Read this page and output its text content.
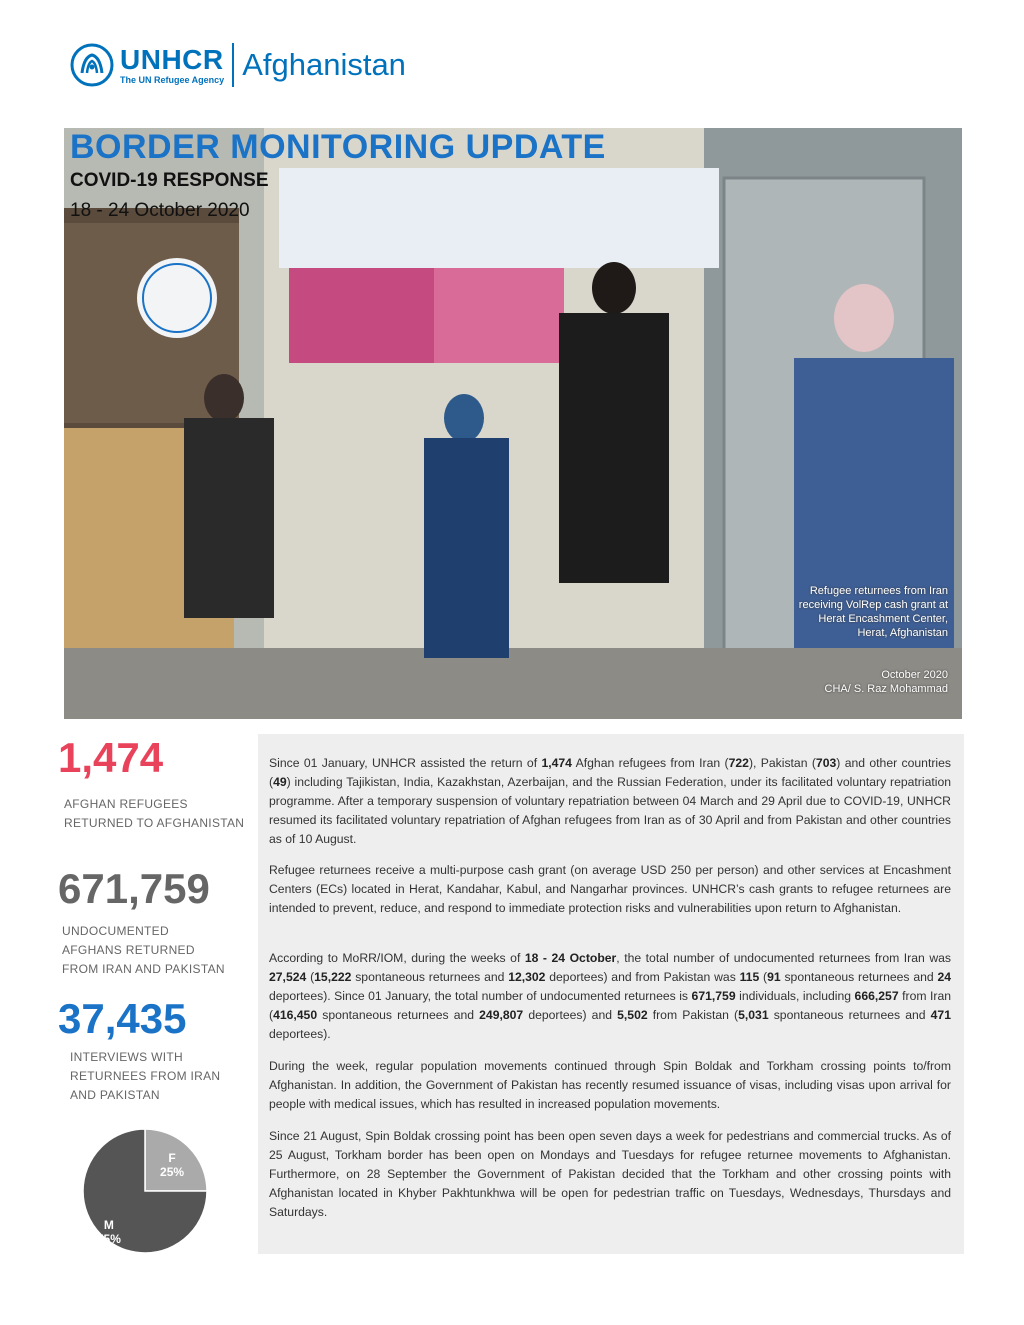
UNHCR
The UN Refugee Agency Afghanistan
BORDER MONITORING UPDATE
COVID-19 RESPONSE
18 - 24 October 2020
Refugee returnees from Iran receiving VolRep cash grant at Herat Encashment Center, Herat, Afghanistan
October 2020
CHA/ S. Raz Mohammad
1,474
AFGHAN REFUGEES
RETURNED TO AFGHANISTAN
671,759
UNDOCUMENTED
AFGHANS RETURNED
FROM IRAN AND PAKISTAN
37,435
INTERVIEWS WITH
RETURNEES FROM IRAN
AND PAKISTAN
F
25%
M
75%
Since 01 January, UNHCR assisted the return of 1,474 Afghan refugees from Iran (722), Pakistan (703) and other countries (49) including Tajikistan, India, Kazakhstan, Azerbaijan, and the Russian Federation, under its facilitated voluntary repatriation programme. After a temporary suspension of voluntary repatriation between 04 March and 29 April due to COVID-19, UNHCR resumed its facilitated voluntary repatriation of Afghan refugees from Iran as of 30 April and from Pakistan and other countries as of 10 August.
Refugee returnees receive a multi-purpose cash grant (on average USD 250 per person) and other services at Encashment Centers (ECs) located in Herat, Kandahar, Kabul, and Nangarhar provinces. UNHCR’s cash grants to refugee returnees are intended to prevent, reduce, and respond to immediate protection risks and vulnerabilities upon return to Afghanistan.
According to MoRR/IOM, during the weeks of 18 - 24 October, the total number of undocumented returnees from Iran was 27,524 (15,222 spontaneous returnees and 12,302 deportees) and from Pakistan was 115 (91 spontaneous returnees and 24 deportees). Since 01 January, the total number of undocumented returnees is 671,759 individuals, including 666,257 from Iran (416,450 spontaneous returnees and 249,807 deportees) and 5,502 from Pakistan (5,031 spontaneous returnees and 471 deportees).
During the week, regular population movements continued through Spin Boldak and Torkham crossing points to/from Afghanistan. In addition, the Government of Pakistan has recently resumed issuance of visas, including visas upon arrival for people with medical issues, which has resulted in increased population movements.
Since 21 August, Spin Boldak crossing point has been open seven days a week for pedestrians and commercial trucks. As of 25 August, Torkham border has been open on Mondays and Tuesdays for refugee returnee movements to Afghanistan. Furthermore, on 28 September the Government of Pakistan decided that the Torkham and other crossing points with Afghanistan located in Khyber Pakhtunkhwa will be open for pedestrian traffic on Tuesdays, Wednesdays, Thursdays and Saturdays.
